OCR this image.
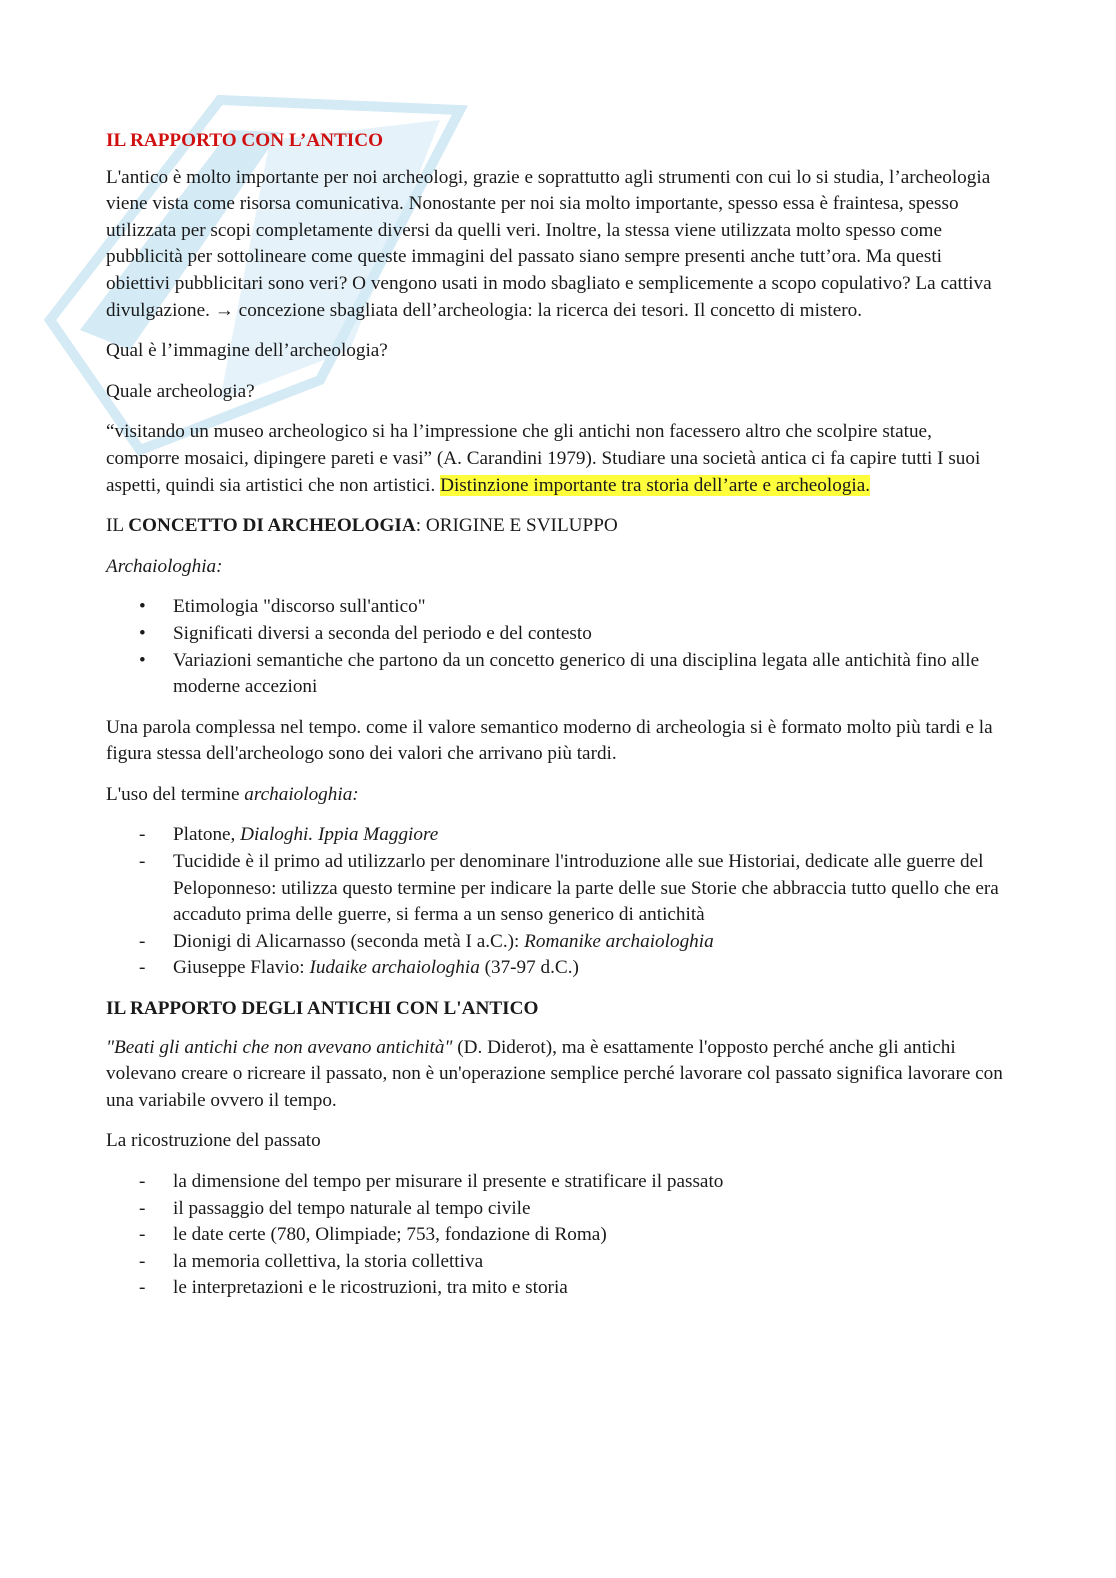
IL RAPPORTO CON L’ANTICO

L'antico è molto importante per noi archeologi, grazie e soprattutto agli strumenti con cui lo si studia, l’archeologia viene vista come risorsa comunicativa. Nonostante per noi sia molto importante, spesso essa è fraintesa, spesso utilizzata per scopi completamente diversi da quelli veri. Inoltre, la stessa viene utilizzata molto spesso come pubblicità per sottolineare come queste immagini del passato siano sempre presenti anche tutt’ora. Ma questi obiettivi pubblicitari sono veri? O vengono usati in modo sbagliato e semplicemente a scopo copulativo? La cattiva divulgazione. → concezione sbagliata dell’archeologia: la ricerca dei tesori. Il concetto di mistero.

Qual è l’immagine dell’archeologia?

Quale archeologia?

“visitando un museo archeologico si ha l’impressione che gli antichi non facessero altro che scolpire statue, comporre mosaici, dipingere pareti e vasi” (A. Carandini 1979). Studiare una società antica ci fa capire tutti I suoi aspetti, quindi sia artistici che non artistici. Distinzione importante tra storia dell’arte e archeologia.

IL CONCETTO DI ARCHEOLOGIA: ORIGINE E SVILUPPO

Archaiologhia:

• Etimologia "discorso sull'antico"
• Significati diversi a seconda del periodo e del contesto
• Variazioni semantiche che partono da un concetto generico di una disciplina legata alle antichità fino alle moderne accezioni

Una parola complessa nel tempo. come il valore semantico moderno di archeologia si è formato molto più tardi e la figura stessa dell'archeologo sono dei valori che arrivano più tardi.

L'uso del termine archaiologhia:

- Platone, Dialoghi. Ippia Maggiore
- Tucidide è il primo ad utilizzarlo per denominare l'introduzione alle sue Historiai, dedicate alle guerre del Peloponneso: utilizza questo termine per indicare la parte delle sue Storie che abbraccia tutto quello che era accaduto prima delle guerre, si ferma a un senso generico di antichità
- Dionigi di Alicarnasso (seconda metà I a.C.): Romanike archaiologhia
- Giuseppe Flavio: Iudaike archaiologhia (37-97 d.C.)
IL RAPPORTO DEGLI ANTICHI CON L'ANTICO

"Beati gli antichi che non avevano antichità" (D. Diderot), ma è esattamente l'opposto perché anche gli antichi volevano creare o ricreare il passato, non è un'operazione semplice perché lavorare col passato significa lavorare con una variabile ovvero il tempo.

La ricostruzione del passato

- la dimensione del tempo per misurare il presente e stratificare il passato
- il passaggio del tempo naturale al tempo civile
- le date certe (780, Olimpiade; 753, fondazione di Roma)
- la memoria collettiva, la storia collettiva
- le interpretazioni e le ricostruzioni, tra mito e storia
